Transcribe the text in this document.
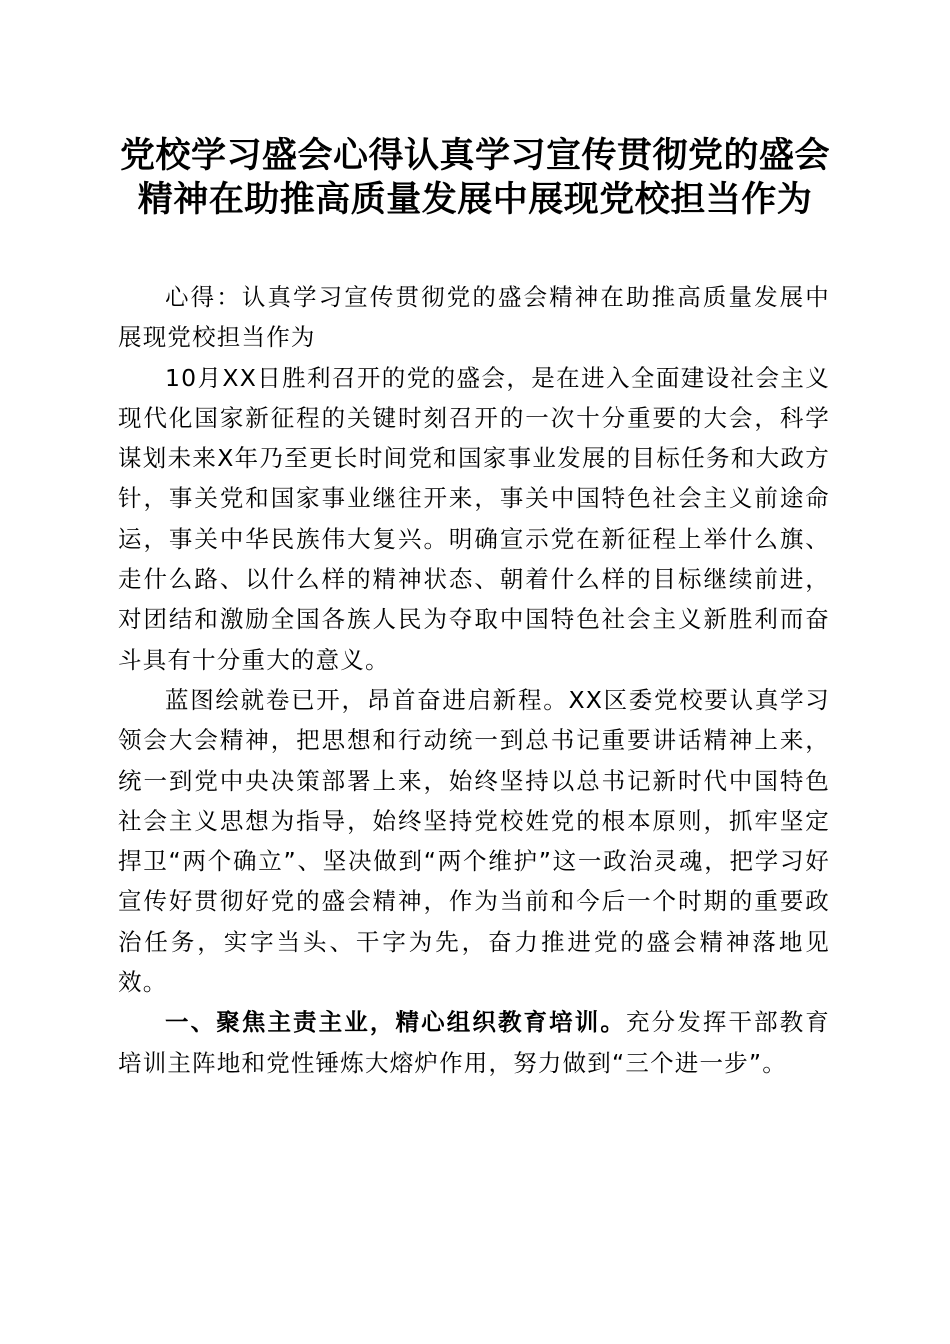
党校学习盛会心得认真学习宣传贯彻党的盛会
精神在助推高质量发展中展现党校担当作为

心得：认真学习宣传贯彻党的盛会精神在助推高质量发展中展现党校担当作为

10月XX日胜利召开的党的盛会，是在进入全面建设社会主义现代化国家新征程的关键时刻召开的一次十分重要的大会，科学谋划未来X年乃至更长时间党和国家事业发展的目标任务和大政方针，事关党和国家事业继往开来，事关中国特色社会主义前途命运，事关中华民族伟大复兴。明确宣示党在新征程上举什么旗、走什么路、以什么样的精神状态、朝着什么样的目标继续前进，对团结和激励全国各族人民为夺取中国特色社会主义新胜利而奋斗具有十分重大的意义。

蓝图绘就卷已开，昂首奋进启新程。XX区委党校要认真学习领会大会精神，把思想和行动统一到总书记重要讲话精神上来，统一到党中央决策部署上来，始终坚持以总书记新时代中国特色社会主义思想为指导，始终坚持党校姓党的根本原则，抓牢坚定捍卫“两个确立”、坚决做到“两个维护”这一政治灵魂，把学习好宣传好贯彻好党的盛会精神，作为当前和今后一个时期的重要政治任务，实字当头、干字为先，奋力推进党的盛会精神落地见效。

一、聚焦主责主业，精心组织教育培训。充分发挥干部教育培训主阵地和党性锤炼大熔炉作用，努力做到“三个进一步”。
